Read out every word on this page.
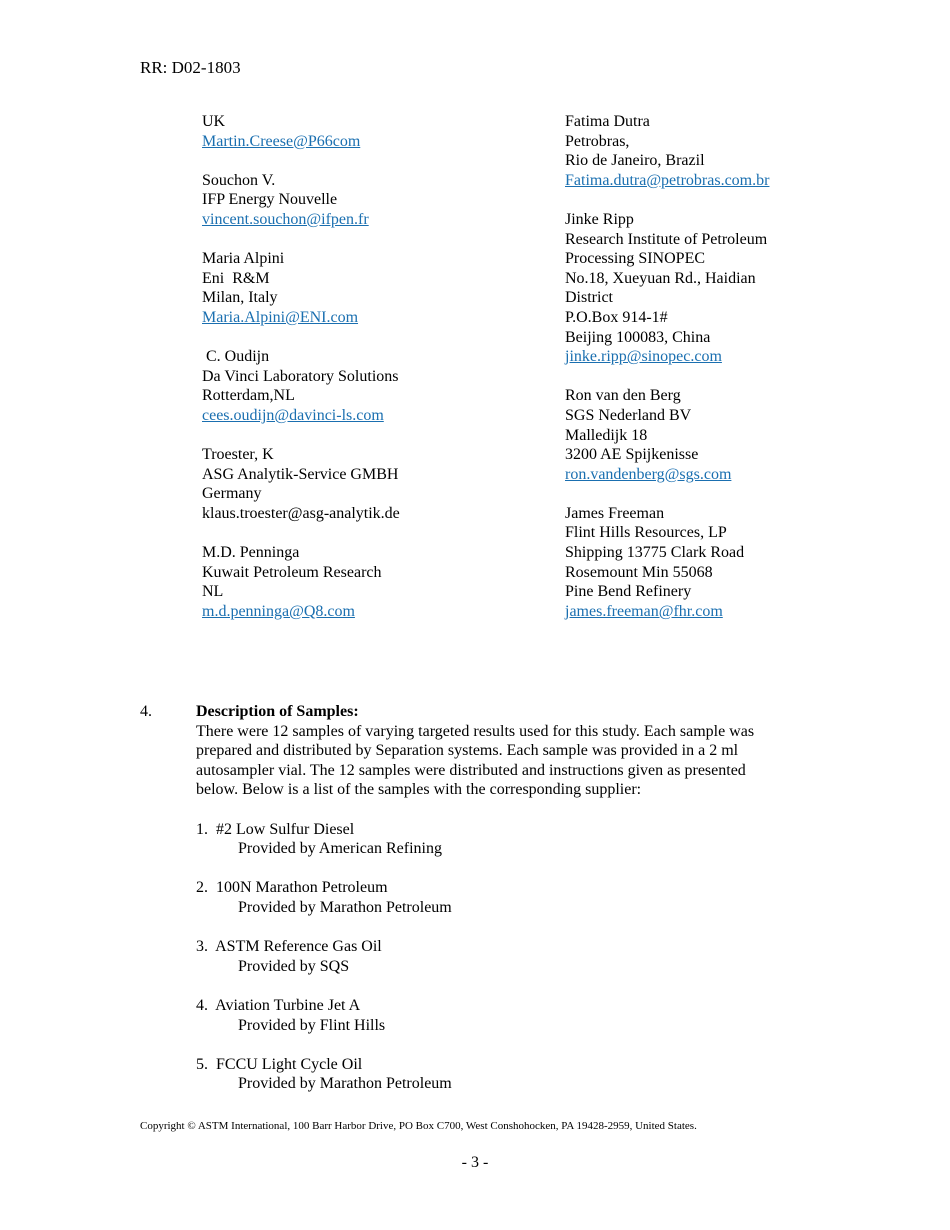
RR: D02-1803
UK
Martin.Creese@P66com
Souchon V.
IFP Energy Nouvelle
vincent.souchon@ifpen.fr
Maria Alpini
Eni  R&M
Milan, Italy
Maria.Alpini@ENI.com
C. Oudijn
Da Vinci Laboratory Solutions
Rotterdam,NL
cees.oudijn@davinci-ls.com
Troester, K
ASG Analytik-Service GMBH
Germany
klaus.troester@asg-analytik.de
M.D. Penninga
Kuwait Petroleum Research
NL
m.d.penninga@Q8.com
Fatima Dutra
Petrobras,
Rio de Janeiro, Brazil
Fatima.dutra@petrobras.com.br
Jinke Ripp
Research Institute of Petroleum
Processing SINOPEC
No.18, Xueyuan Rd., Haidian
District
P.O.Box 914-1#
Beijing 100083, China
jinke.ripp@sinopec.com
Ron van den Berg
SGS Nederland BV
Malledijk 18
3200 AE Spijkenisse
ron.vandenberg@sgs.com
James Freeman
Flint Hills Resources, LP
Shipping 13775 Clark Road
Rosemount Min 55068
Pine Bend Refinery
james.freeman@fhr.com
4.	Description of Samples:
There were 12 samples of varying targeted results used for this study. Each sample was
prepared and distributed by Separation systems. Each sample was provided in a 2 ml
autosampler vial. The 12 samples were distributed and instructions given as presented
below. Below is a list of the samples with the corresponding supplier:
1.  #2 Low Sulfur Diesel
Provided by American Refining
2.  100N Marathon Petroleum
Provided by Marathon Petroleum
3.  ASTM Reference Gas Oil
Provided by SQS
4.  Aviation Turbine Jet A
Provided by Flint Hills
5.  FCCU Light Cycle Oil
Provided by Marathon Petroleum
Copyright © ASTM International, 100 Barr Harbor Drive, PO Box C700, West Conshohocken, PA 19428-2959, United States.
- 3 -
